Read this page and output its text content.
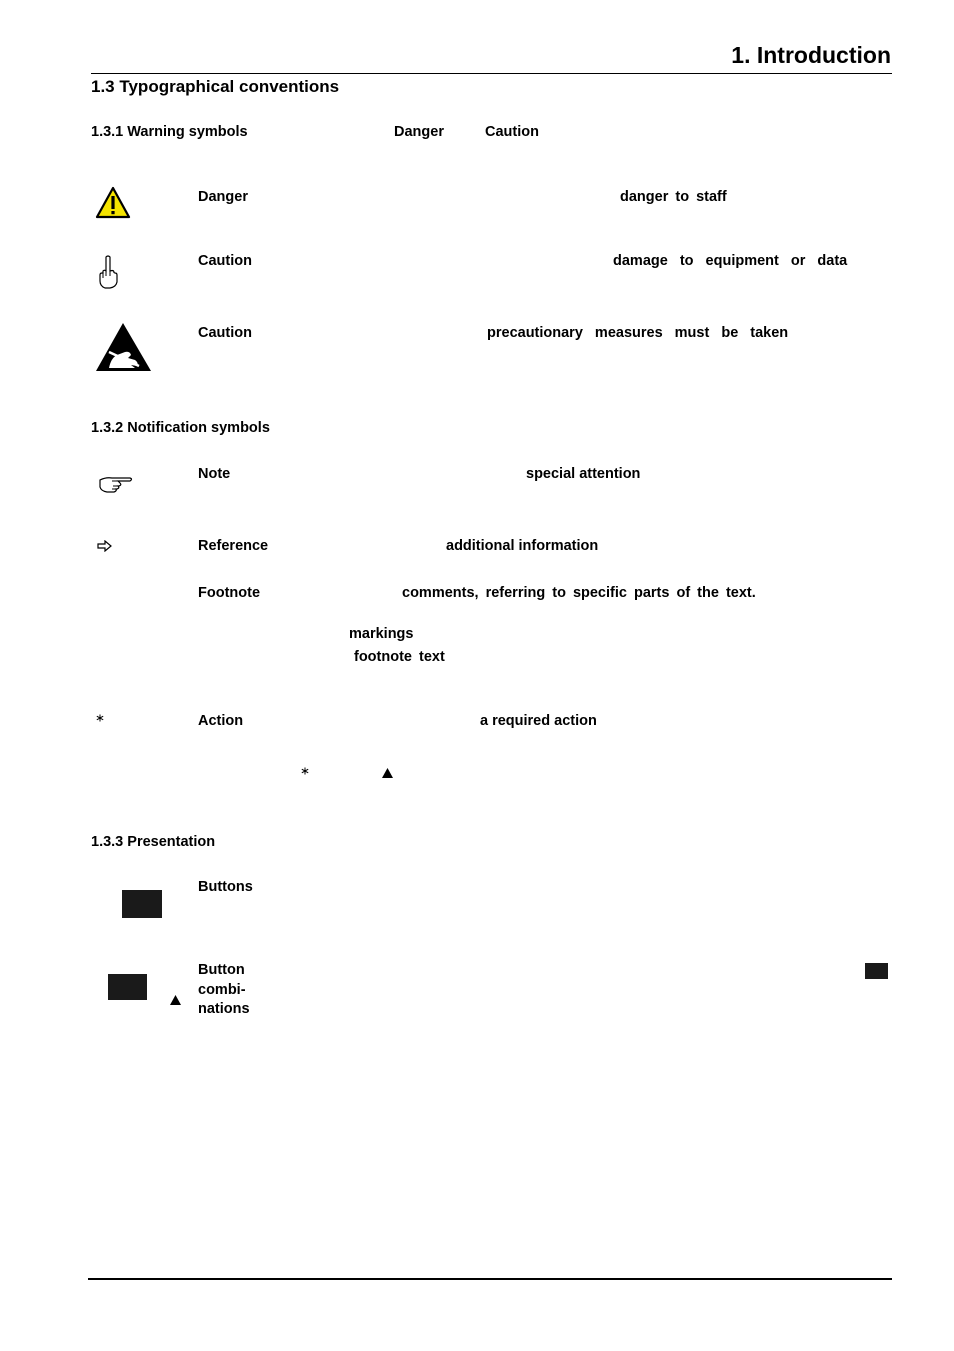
1. Introduction
1.3 Typographical conventions
1.3.1 Warning symbols	Danger	Caution
Danger	danger to staff
Caution	damage to equipment or data
Caution	precautionary measures must be taken
1.3.2 Notification symbols
Note	special attention
Reference	additional information
Footnote	comments, referring to specific parts of the text.
markings
footnote text
Action	a required action
1.3.3 Presentation
Buttons
Button
combi-
nations
